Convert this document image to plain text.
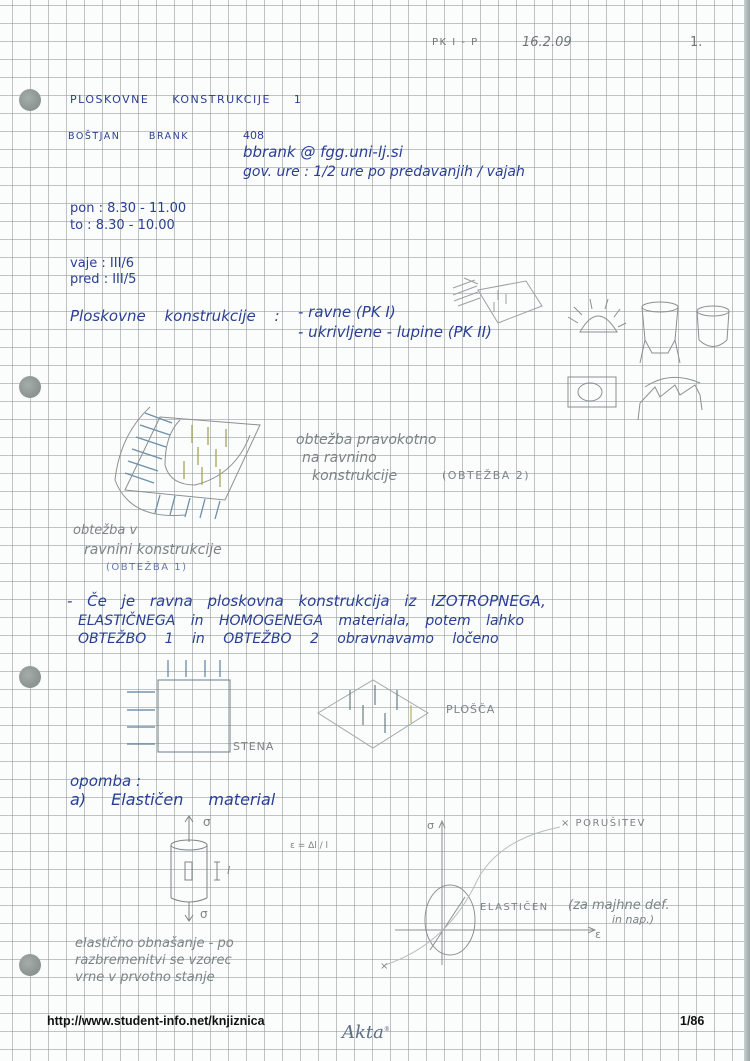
PK I - P	16.2.09	1.
PLOSKOVNE KONSTRUKCIJE 1
BOŠTJAN BRANK	408
bbrank @ fgg.uni-lj.si
gov. ure : 1/2 ure po predavanjih / vajah
pon : 8.30 - 11.00
to : 8.30 - 10.00
vaje : III/6
pred : III/5
Ploskovne konstrukcije : - ravne (PK I)
- ukrivljene - lupine (PK II)
obtežba pravokotno
na ravnino
konstrukcije	(OBTEŽBA 2)
obtežba v
ravnini konstrukcije
(OBTEŽBA 1)
- Če je ravna ploskovna konstrukcija iz IZOTROPNEGA,
ELASTIČNEGA in HOMOGENEGA materiala, potem lahko
OBTEŽBO 1 in OBTEŽBO 2 obravnavamo ločeno
STENA
PLOŠČA
opomba :
a) Elastičen material
σ
σ
l
ε = Δl / l
σ
ε
× PORUŠITEV
ELASTIČEN (za majhne def.
in nap.)
×
elastično obnašanje - po
razbremenitvi se vzorec
vrne v prvotno stanje
http://www.student-info.net/knjiznica
Akta®
1/86
